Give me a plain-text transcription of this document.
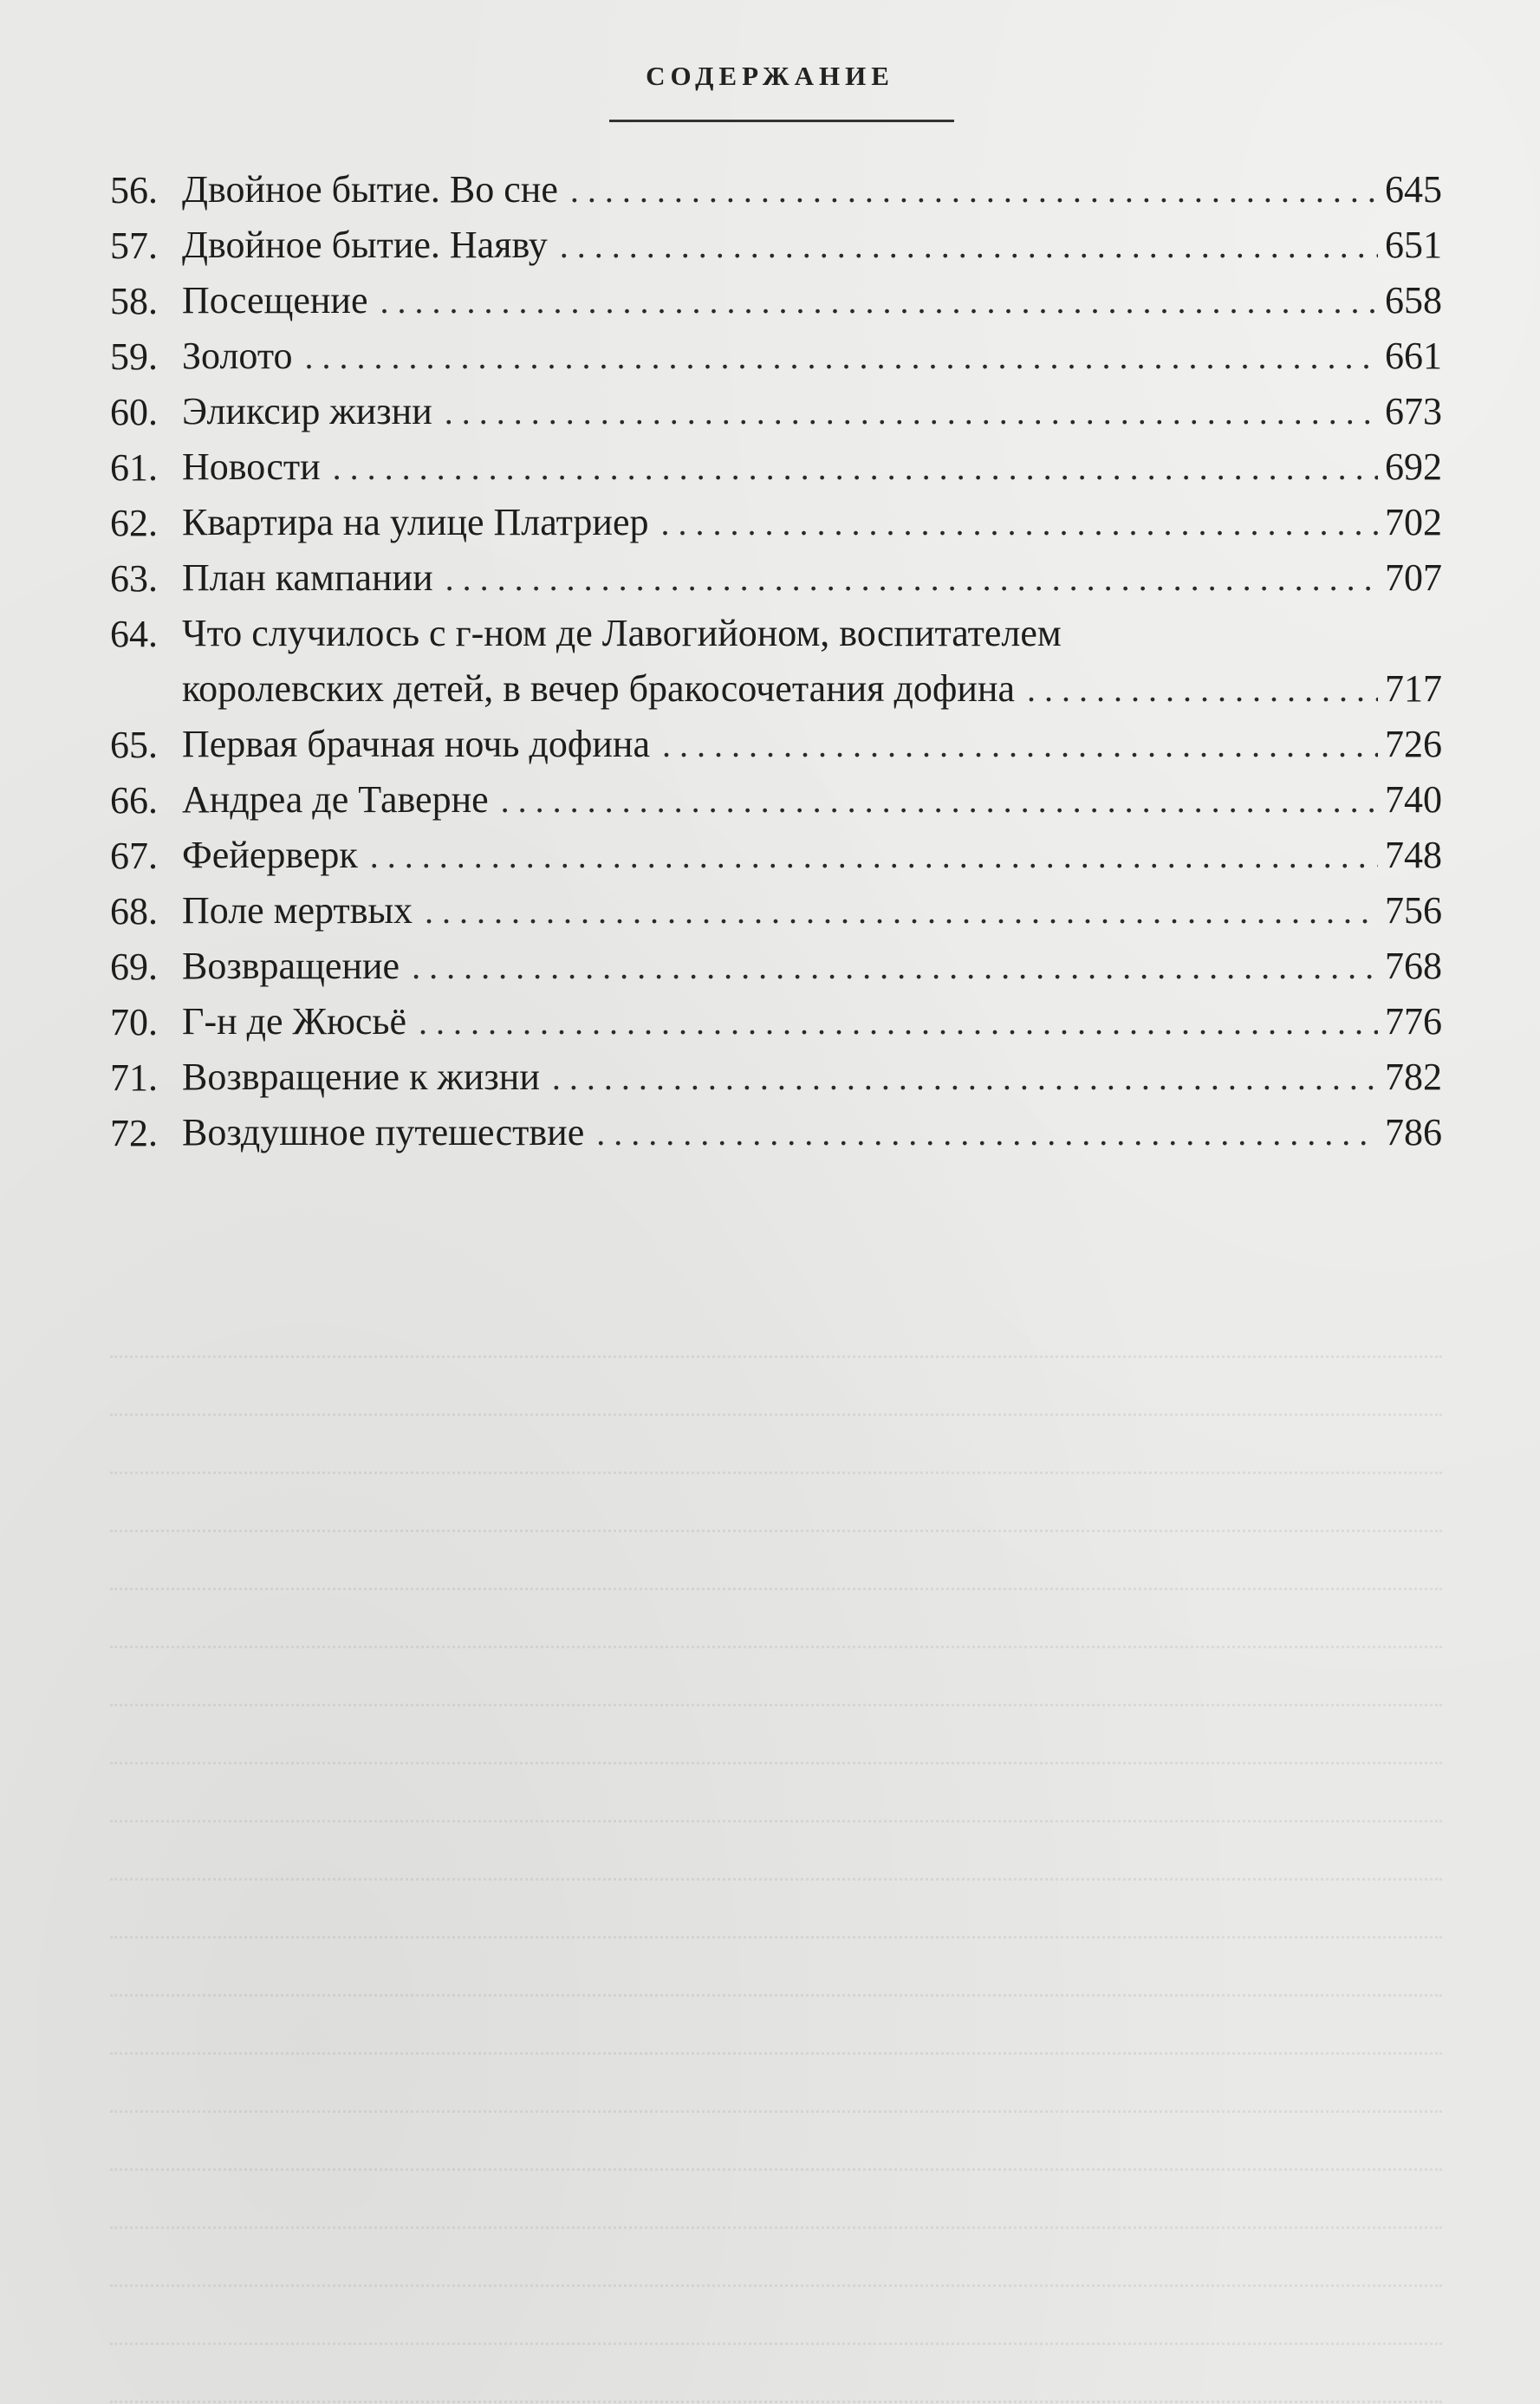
СОДЕРЖАНИЕ
56. Двойное бытие. Во сне . . .	645
57. Двойное бытие. Наяву . . .	651
58. Посещение . . .	658
59. Золото . . .	661
60. Эликсир жизни . . .	673
61. Новости . . .	692
62. Квартира на улице Платриер . . .	702
63. План кампании . . .	707
64. Что случилось с г-ном де Лавогийоном, воспитателем
королевских детей, в вечер бракосочетания дофина . . .	717
65. Первая брачная ночь дофина . . .	726
66. Андреа де Таверне . . .	740
67. Фейерверк . . .	748
68. Поле мертвых . . .	756
69. Возвращение . . .	768
70. Г-н де Жюсьё . . .	776
71. Возвращение к жизни . . .	782
72. Воздушное путешествие . . .	786
